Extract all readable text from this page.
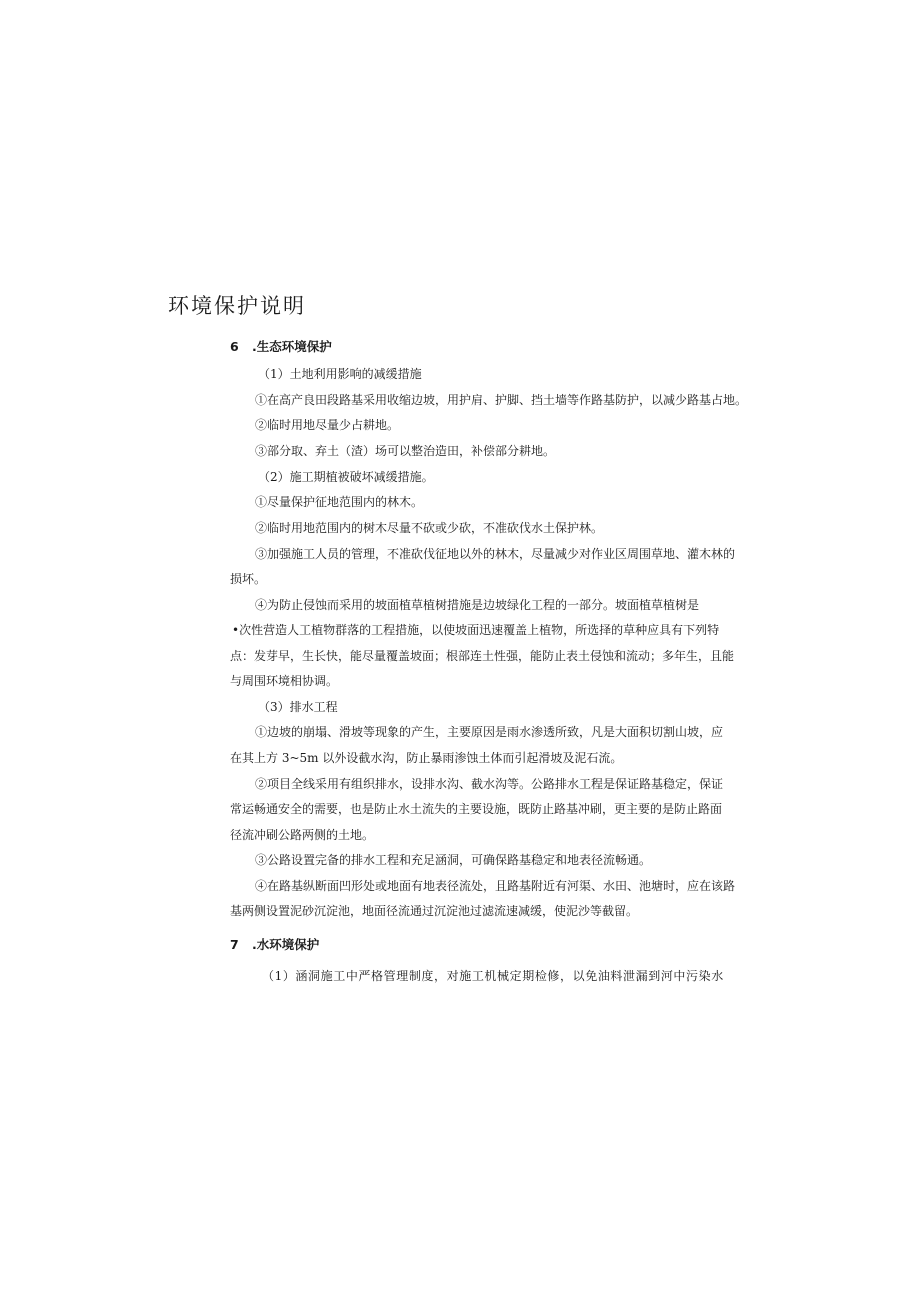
环境保护说明
6 .生态环境保护

（1）土地利用影响的减缓措施

①在高产良田段路基采用收缩边坡，用护肩、护脚、挡土墙等作路基防护，以减少路基占地。

②临时用地尽量少占耕地。

③部分取、弃土（渣）场可以整治造田，补偿部分耕地。

（2）施工期植被破坏减缓措施。

①尽量保护征地范围内的林木。

②临时用地范围内的树木尽量不砍或少砍，不准砍伐水土保护林。

③加强施工人员的管理，不准砍伐征地以外的林木，尽量减少对作业区周围草地、灌木林的

损坏。

④为防止侵蚀而采用的坡面植草植树措施是边坡绿化工程的一部分。坡面植草植树是

•次性营造人工植物群落的工程措施，以使坡面迅速覆盖上植物，所选择的草种应具有下列特

点：发芽早，生长快，能尽量覆盖坡面；根部连土性强，能防止表土侵蚀和流动；多年生，且能

与周围环境相协调。

（3）排水工程

①边坡的崩塌、滑坡等现象的产生，主要原因是雨水渗透所致，凡是大面积切割山坡，应

在其上方 3~5m 以外设截水沟，防止暴雨渗蚀土体而引起滑坡及泥石流。

②项目全线采用有组织排水，设排水沟、截水沟等。公路排水工程是保证路基稳定，保证

常运畅通安全的需要，也是防止水土流失的主要设施，既防止路基冲刷，更主要的是防止路面

径流冲刷公路两侧的土地。

③公路设置完备的排水工程和充足涵洞，可确保路基稳定和地表径流畅通。

④在路基纵断面凹形处或地面有地表径流处，且路基附近有河渠、水田、池塘时，应在该路

基两侧设置泥砂沉淀池，地面径流通过沉淀池过滤流速减缓，使泥沙等截留。

7 .水环境保护

（1）涵洞施工中严格管理制度，对施工机械定期检修，以免油料泄漏到河中污染水
